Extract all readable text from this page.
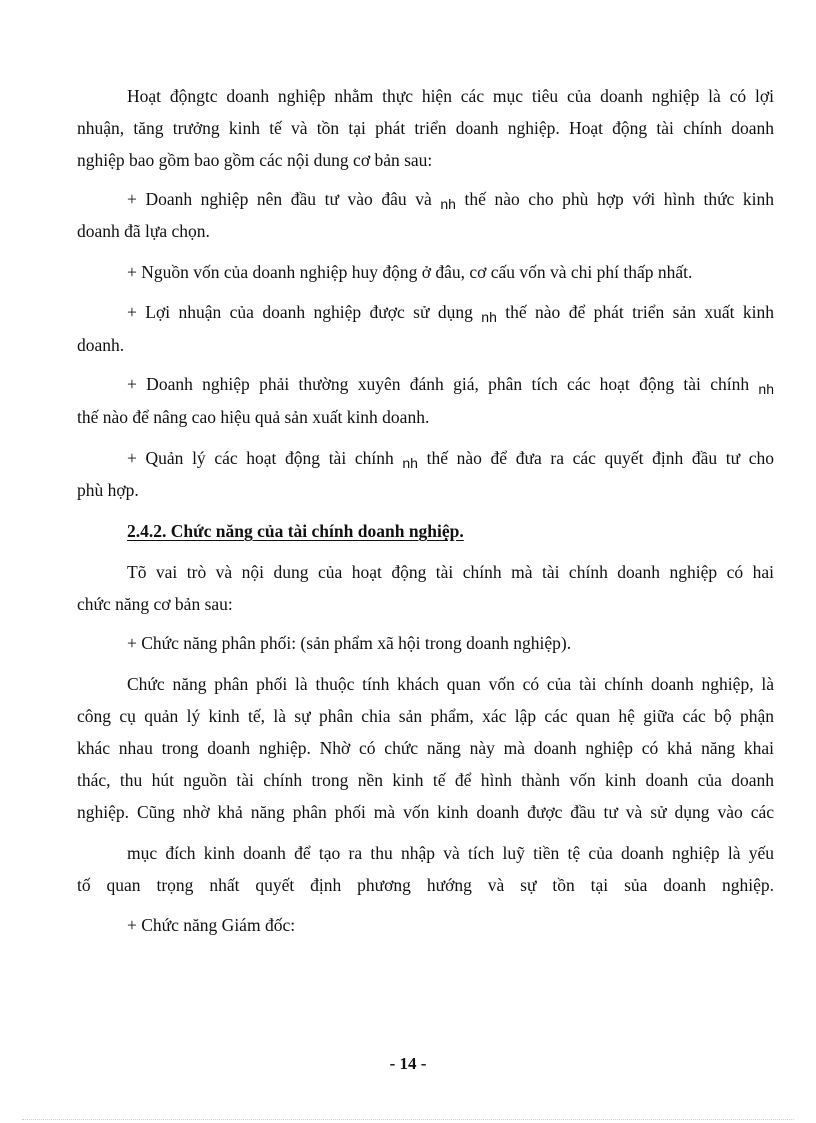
Hoạt độngtc doanh nghiệp nhằm thực hiện các mục tiêu của doanh nghiệp là có lợi
nhuận, tăng trưởng kinh tế và tồn tại phát triển doanh nghiệp. Hoạt động tài chính doanh
nghiệp bao gồm bao gồm các nội dung cơ bản sau:
+ Doanh nghiệp nên đầu tư vào đâu và $_{nh}$ thế nào cho phù hợp với hình thức kinh
doanh đã lựa chọn.
+ Nguồn vốn của doanh nghiệp huy động ở đâu, cơ cấu vốn và chi phí thấp nhất.
+ Lợi nhuận của doanh nghiệp được sử dụng $_{nh}$ thế nào để phát triển sản xuất kinh
doanh.
+ Doanh nghiệp phải thường xuyên đánh giá, phân tích các hoạt động tài chính $_{nh}$
thế nào để nâng cao hiệu quả sản xuất kinh doanh.
+ Quản lý các hoạt động tài chính $_{nh}$ thế nào để đưa ra các quyết định đầu tư cho
phù hợp.
2.4.2. Chức năng của tài chính doanh nghiệp.
Tõ vai trò và nội dung của hoạt động tài chính mà tài chính doanh nghiệp có hai
chức năng cơ bản sau:
+ Chức năng phân phối: (sản phẩm xã hội trong doanh nghiệp).
Chức năng phân phối là thuộc tính khách quan vốn có của tài chính doanh nghiệp, là
công cụ quản lý kinh tế, là sự phân chia sản phẩm, xác lập các quan hệ giữa các bộ phận
khác nhau trong doanh nghiệp. Nhờ có chức năng này mà doanh nghiệp có khả năng khai
thác, thu hút nguồn tài chính trong nền kinh tế để hình thành vốn kinh doanh của doanh
nghiệp. Cũng nhờ khả năng phân phối mà vốn kinh doanh được đầu tư và sử dụng vào các
mục đích kinh doanh để tạo ra thu nhập và tích luỹ tiền tệ của doanh nghiệp là yếu
tố quan trọng nhất quyết định phương hướng và sự tồn tại sủa doanh nghiệp.
+ Chức năng Giám đốc:
- 14 -
